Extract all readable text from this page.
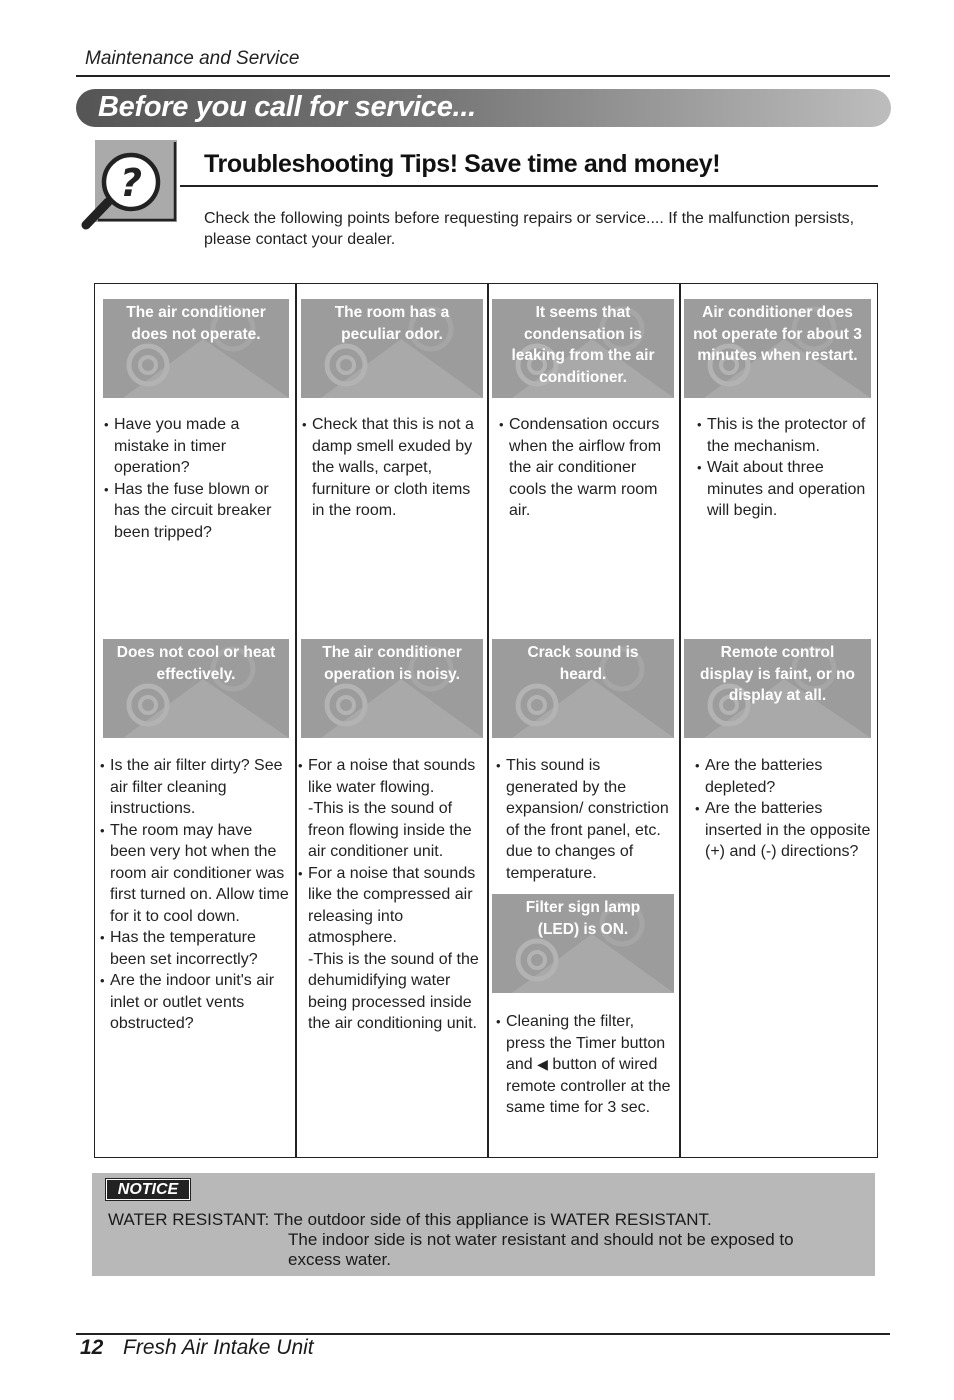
Maintenance and Service
Before you call for service...
? Troubleshooting Tips! Save time and money!
Check the following points before requesting repairs or service.... If the malfunction persists, please contact your dealer.
The air conditioner does not operate.
The room has a peculiar odor.
It seems that condensation is leaking from the air conditioner.
Air conditioner does not operate for about 3 minutes when restart.

• Have you made a mistake in timer operation?

• Has the fuse blown or has the circuit breaker been tripped?

• Check that this is not a damp smell exuded by the walls, carpet, furniture or cloth items in the room.

• Condensation occurs when the airflow from the air conditioner cools the warm room air.

• This is the protector of the mechanism.

• Wait about three minutes and operation will begin.

Does not cool or heat effectively.
The air conditioner operation is noisy.
Crack sound is heard.
Remote control display is faint, or no display at all.

• Is the air filter dirty? See air filter cleaning instructions.

• The room may have been very hot when the room air conditioner was first turned on. Allow time for it to cool down.

• Has the temperature been set incorrectly?

• Are the indoor unit's air inlet or outlet vents obstructed?

• For a noise that sounds like water flowing.

-This is the sound of freon flowing inside the air conditioner unit.

• For a noise that sounds like the compressed air releasing into atmosphere.

-This is the sound of the dehumidifying water being processed inside the air conditioning unit.

• This sound is generated by the expansion/ constriction of the front panel, etc. due to changes of temperature.

Filter sign lamp (LED) is ON.

• Cleaning the filter, press the Timer button and ◀ button of wired remote controller at the same time for 3 sec.

• Are the batteries depleted?

• Are the batteries inserted in the opposite (+) and (-) directions?

NOTICE
WATER RESISTANT: The outdoor side of this appliance is WATER RESISTANT.
The indoor side is not water resistant and should not be exposed to excess water.
12 Fresh Air Intake Unit
